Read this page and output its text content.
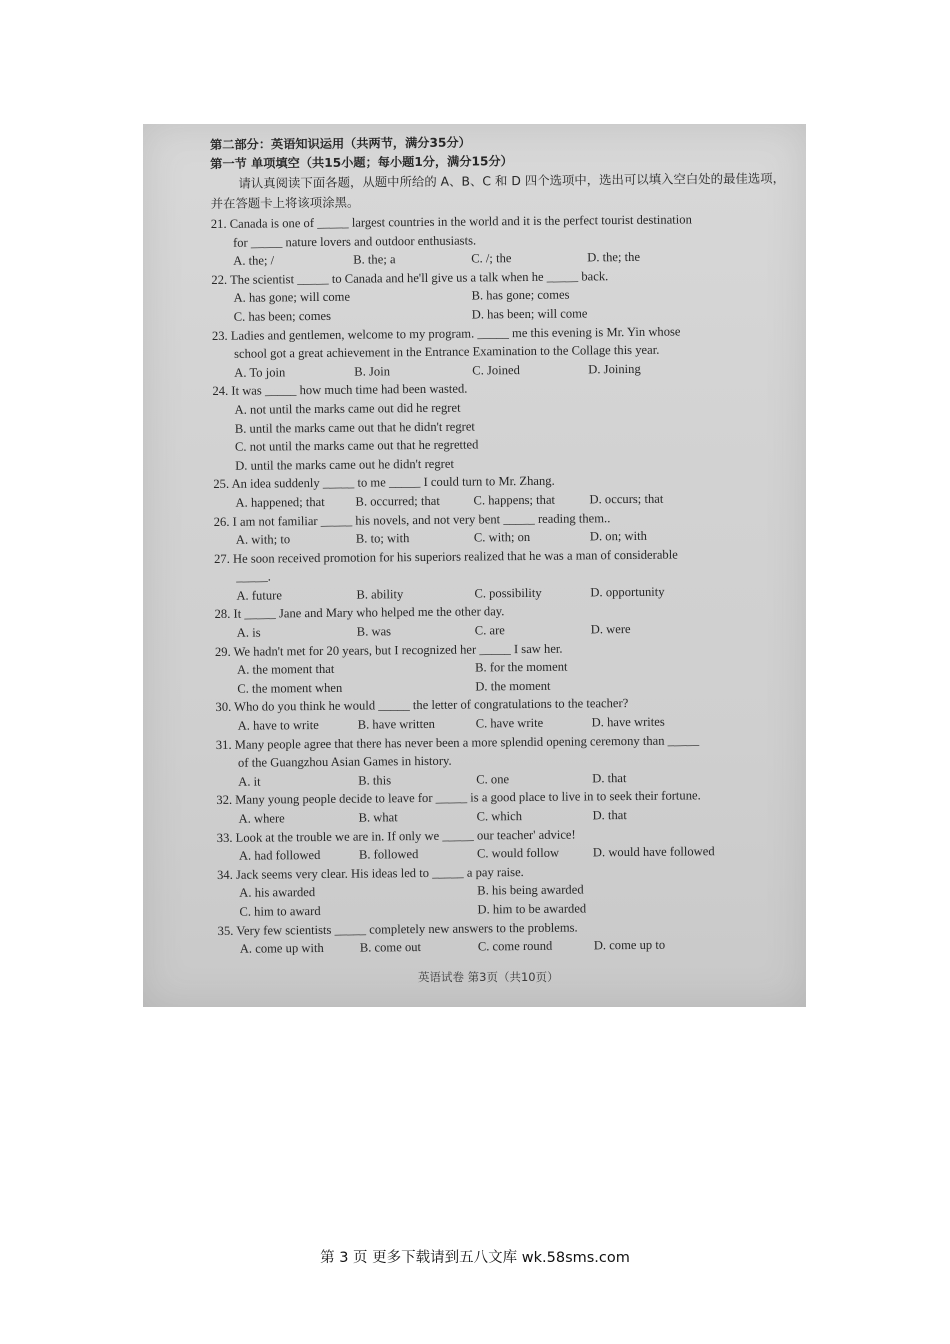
第二部分：英语知识运用（共两节，满分35分）
第一节 单项填空（共15小题；每小题1分，满分15分）
请认真阅读下面各题，从题中所给的 A、B、C 和 D 四个选项中，选出可以填入空白处的最佳选项，并在答题卡上将该项涂黑。
21. Canada is one of _____ largest countries in the world and it is the perfect tourist destination
for _____ nature lovers and outdoor enthusiasts.
A. the; /	B. the; a	C. /; the	D. the; the
22. The scientist _____ to Canada and he'll give us a talk when he _____ back.
A. has gone; will come	B. has gone; comes
C. has been; comes	D. has been; will come
23. Ladies and gentlemen, welcome to my program. _____ me this evening is Mr. Yin whose
school got a great achievement in the Entrance Examination to the Collage this year.
A. To join	B. Join	C. Joined	D. Joining
24. It was _____ how much time had been wasted.
A. not until the marks came out did he regret
B. until the marks came out that he didn't regret
C. not until the marks came out that he regretted
D. until the marks came out he didn't regret
25. An idea suddenly _____ to me _____ I could turn to Mr. Zhang.
A. happened; that	B. occurred; that	C. happens; that	D. occurs; that
26. I am not familiar _____ his novels, and not very bent _____ reading them..
A. with; to	B. to; with	C. with; on	D. on; with
27. He soon received promotion for his superiors realized that he was a man of considerable
_____.
A. future	B. ability	C. possibility	D. opportunity
28. It _____ Jane and Mary who helped me the other day.
A. is	B. was	C. are	D. were
29. We hadn't met for 20 years, but I recognized her _____ I saw her.
A. the moment that	B. for the moment
C. the moment when	D. the moment
30. Who do you think he would _____ the letter of congratulations to the teacher?
A. have to write	B. have written	C. have write	D. have writes
31. Many people agree that there has never been a more splendid opening ceremony than _____
of the Guangzhou Asian Games in history.
A. it	B. this	C. one	D. that
32. Many young people decide to leave for _____ is a good place to live in to seek their fortune.
A. where	B. what	C. which	D. that
33. Look at the trouble we are in. If only we _____ our teacher' advice!
A. had followed	B. followed	C. would follow	D. would have followed
34. Jack seems very clear. His ideas led to _____ a pay raise.
A. his awarded	B. his being awarded
C. him to award	D. him to be awarded
35. Very few scientists _____ completely new answers to the problems.
A. come up with	B. come out	C. come round	D. come up to
英语试卷 第3页（共10页）
第 3 页 更多下载请到五八文库 wk.58sms.com
